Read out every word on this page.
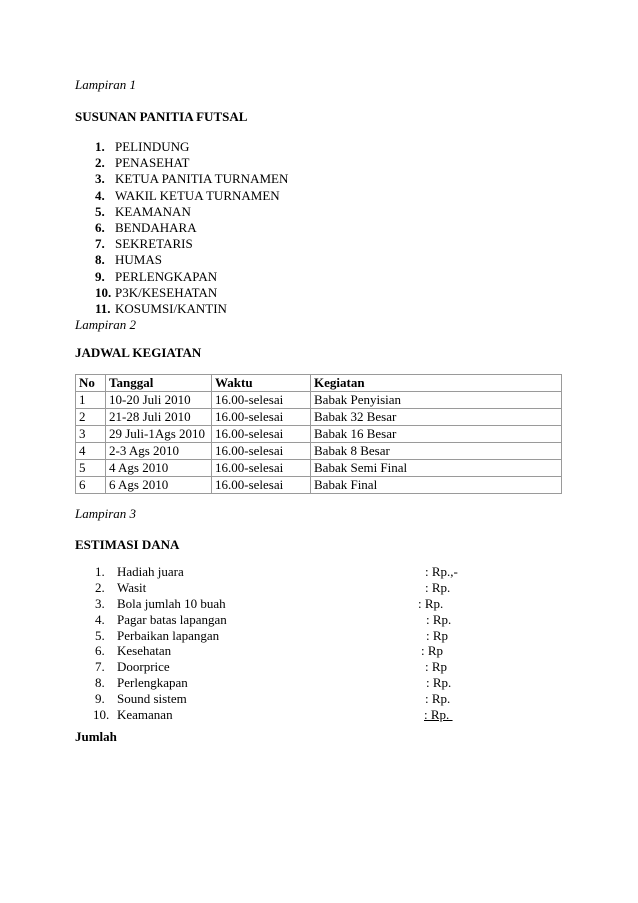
Lampiran 1
SUSUNAN PANITIA FUTSAL
1. PELINDUNG
2. PENASEHAT
3. KETUA PANITIA TURNAMEN
4. WAKIL KETUA TURNAMEN
5. KEAMANAN
6. BENDAHARA
7. SEKRETARIS
8. HUMAS
9. PERLENGKAPAN
10. P3K/KESEHATAN
11. KOSUMSI/KANTIN
Lampiran 2
JADWAL KEGIATAN
No	Tanggal	Waktu	Kegiatan
1	10-20 Juli 2010	16.00-selesai	Babak Penyisian
2	21-28 Juli 2010	16.00-selesai	Babak 32 Besar
3	29 Juli-1Ags 2010	16.00-selesai	Babak 16 Besar
4	2-3 Ags 2010	16.00-selesai	Babak 8 Besar
5	4 Ags 2010	16.00-selesai	Babak Semi Final
6	6 Ags 2010	16.00-selesai	Babak Final
Lampiran 3
ESTIMASI DANA
1. Hadiah juara	: Rp.,-
2. Wasit	: Rp.
3. Bola jumlah 10 buah	: Rp.
4. Pagar batas lapangan	: Rp.
5. Perbaikan lapangan	: Rp
6. Kesehatan	: Rp
7. Doorprice	: Rp
8. Perlengkapan	: Rp.
9. Sound sistem	: Rp.
10. Keamanan	: Rp.
Jumlah
